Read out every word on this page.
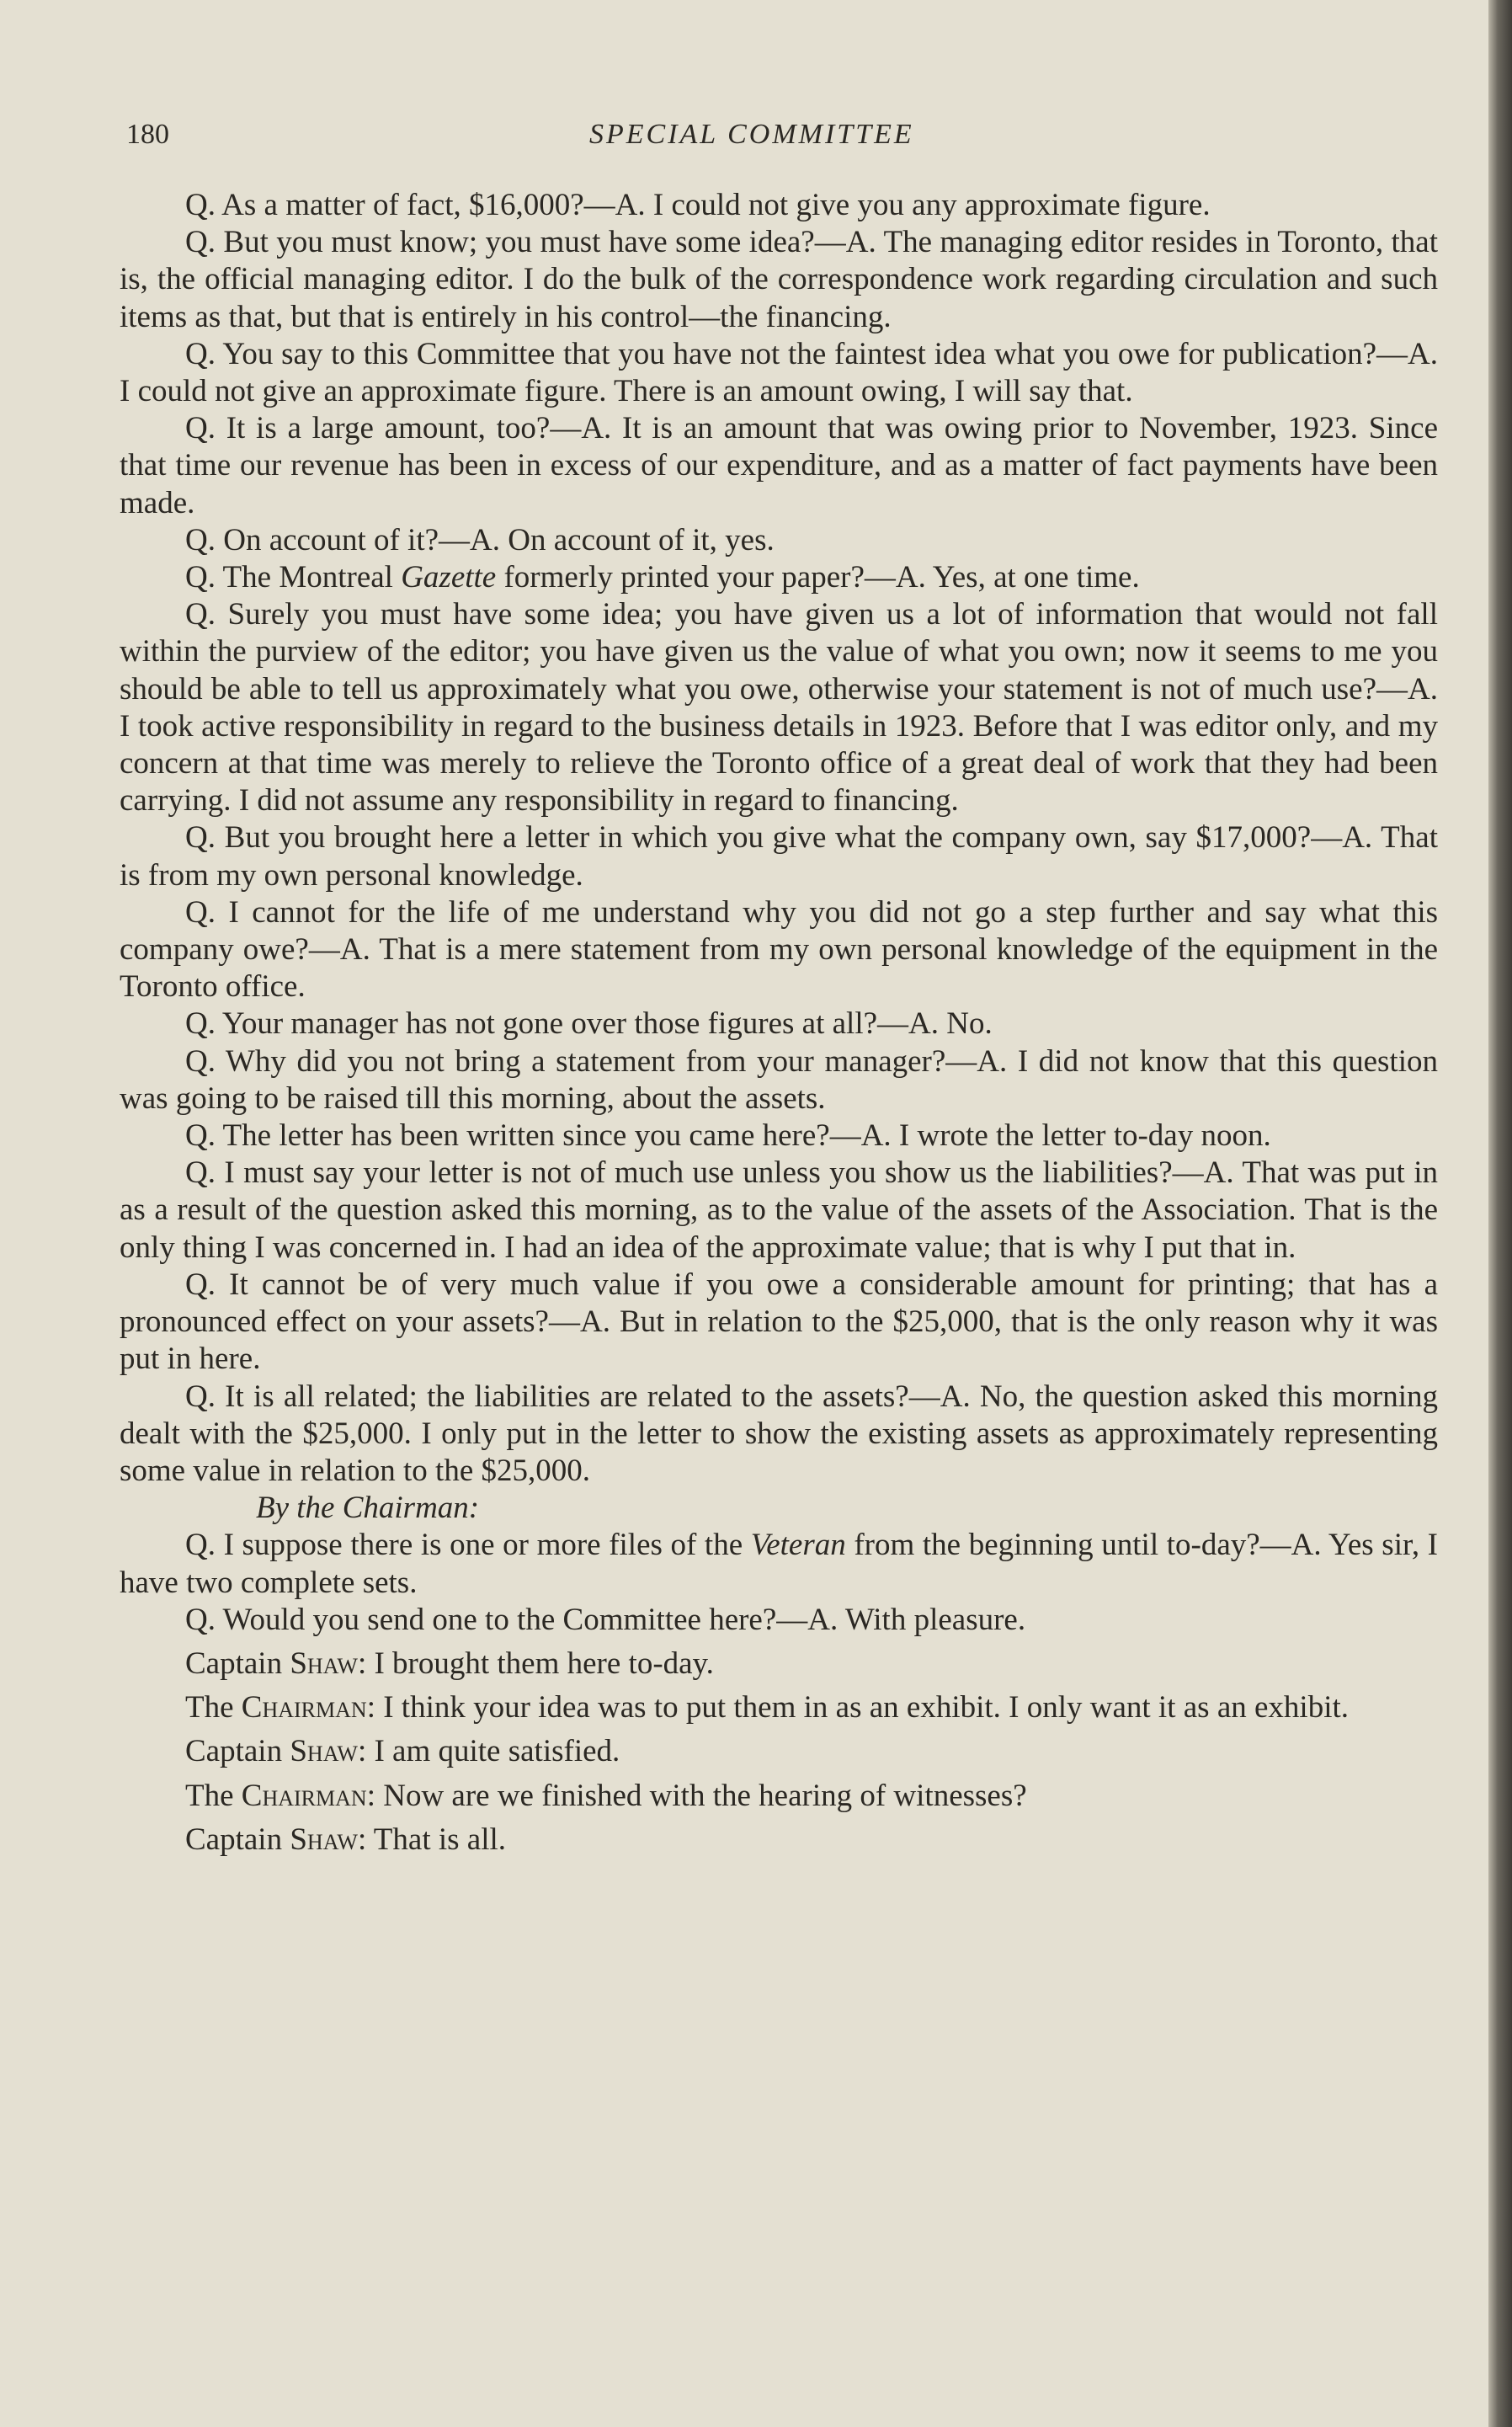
180	SPECIAL COMMITTEE

Q. As a matter of fact, $16,000?—A. I could not give you any approximate figure.

Q. But you must know; you must have some idea?—A. The managing editor resides in Toronto, that is, the official managing editor. I do the bulk of the correspondence work regarding circulation and such items as that, but that is entirely in his control—the financing.

Q. You say to this Committee that you have not the faintest idea what you owe for publication?—A. I could not give an approximate figure. There is an amount owing, I will say that.

Q. It is a large amount, too?—A. It is an amount that was owing prior to November, 1923. Since that time our revenue has been in excess of our expenditure, and as a matter of fact payments have been made.

Q. On account of it?—A. On account of it, yes.

Q. The Montreal Gazette formerly printed your paper?—A. Yes, at one time.

Q. Surely you must have some idea; you have given us a lot of information that would not fall within the purview of the editor; you have given us the value of what you own; now it seems to me you should be able to tell us approximately what you owe, otherwise your statement is not of much use?—A. I took active responsibility in regard to the business details in 1923. Before that I was editor only, and my concern at that time was merely to relieve the Toronto office of a great deal of work that they had been carrying. I did not assume any responsibility in regard to financing.

Q. But you brought here a letter in which you give what the company own, say $17,000?—A. That is from my own personal knowledge.

Q. I cannot for the life of me understand why you did not go a step further and say what this company owe?—A. That is a mere statement from my own personal knowledge of the equipment in the Toronto office.

Q. Your manager has not gone over those figures at all?—A. No.

Q. Why did you not bring a statement from your manager?—A. I did not know that this question was going to be raised till this morning, about the assets.

Q. The letter has been written since you came here?—A. I wrote the letter to-day noon.

Q. I must say your letter is not of much use unless you show us the liabilities?—A. That was put in as a result of the question asked this morning, as to the value of the assets of the Association. That is the only thing I was concerned in. I had an idea of the approximate value; that is why I put that in.

Q. It cannot be of very much value if you owe a considerable amount for printing; that has a pronounced effect on your assets?—A. But in relation to the $25,000, that is the only reason why it was put in here.

Q. It is all related; the liabilities are related to the assets?—A. No, the question asked this morning dealt with the $25,000. I only put in the letter to show the existing assets as approximately representing some value in relation to the $25,000.

By the Chairman:

Q. I suppose there is one or more files of the Veteran from the beginning until to-day?—A. Yes sir, I have two complete sets.

Q. Would you send one to the Committee here?—A. With pleasure.

Captain Shaw: I brought them here to-day.

The Chairman: I think your idea was to put them in as an exhibit. I only want it as an exhibit.

Captain Shaw: I am quite satisfied.

The Chairman: Now are we finished with the hearing of witnesses?

Captain Shaw: That is all.
